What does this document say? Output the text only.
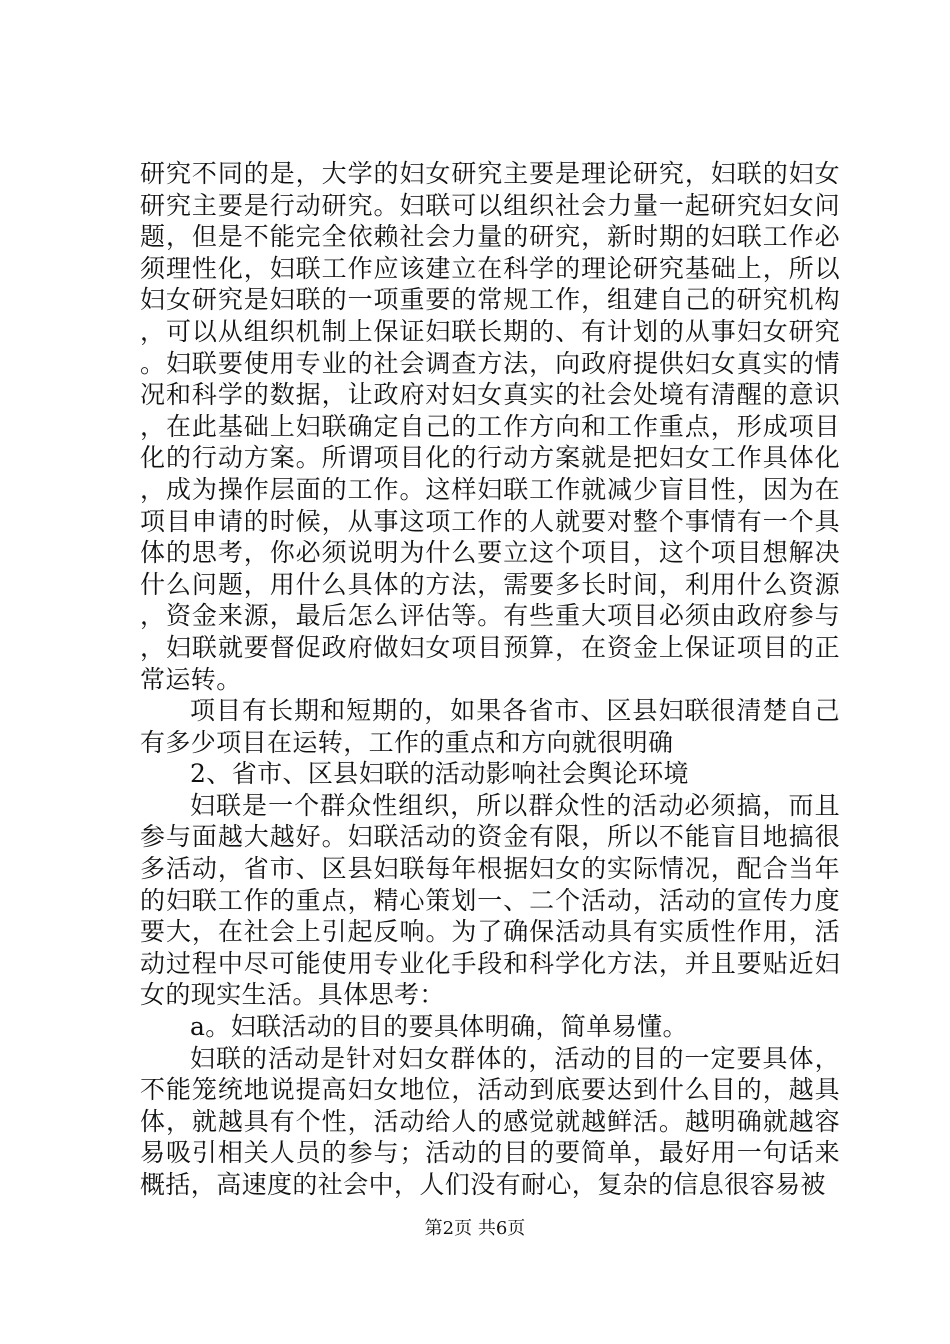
研究不同的是，大学的妇女研究主要是理论研究，妇联的妇女研究主要是行动研究。妇联可以组织社会力量一起研究妇女问题，但是不能完全依赖社会力量的研究，新时期的妇联工作必须理性化，妇联工作应该建立在科学的理论研究基础上，所以妇女研究是妇联的一项重要的常规工作，组建自己的研究机构，可以从组织机制上保证妇联长期的、有计划的从事妇女研究。妇联要使用专业的社会调查方法，向政府提供妇女真实的情况和科学的数据，让政府对妇女真实的社会处境有清醒的意识，在此基础上妇联确定自己的工作方向和工作重点，形成项目化的行动方案。所谓项目化的行动方案就是把妇女工作具体化，成为操作层面的工作。这样妇联工作就减少盲目性，因为在项目申请的时候，从事这项工作的人就要对整个事情有一个具体的思考，你必须说明为什么要立这个项目，这个项目想解决什么问题，用什么具体的方法，需要多长时间，利用什么资源，资金来源，最后怎么评估等。有些重大项目必须由政府参与，妇联就要督促政府做妇女项目预算，在资金上保证项目的正常运转。

项目有长期和短期的，如果各省市、区县妇联很清楚自己有多少项目在运转，工作的重点和方向就很明确

2、省市、区县妇联的活动影响社会舆论环境

妇联是一个群众性组织，所以群众性的活动必须搞，而且参与面越大越好。妇联活动的资金有限，所以不能盲目地搞很多活动，省市、区县妇联每年根据妇女的实际情况，配合当年的妇联工作的重点，精心策划一、二个活动，活动的宣传力度要大，在社会上引起反响。为了确保活动具有实质性作用，活动过程中尽可能使用专业化手段和科学化方法，并且要贴近妇女的现实生活。具体思考：

a。妇联活动的目的要具体明确，简单易懂。

妇联的活动是针对妇女群体的，活动的目的一定要具体，不能笼统地说提高妇女地位，活动到底要达到什么目的，越具体，就越具有个性，活动给人的感觉就越鲜活。越明确就越容易吸引相关人员的参与；活动的目的要简单，最好用一句话来概括，高速度的社会中，人们没有耐心，复杂的信息很容易被

第2页 共6页
